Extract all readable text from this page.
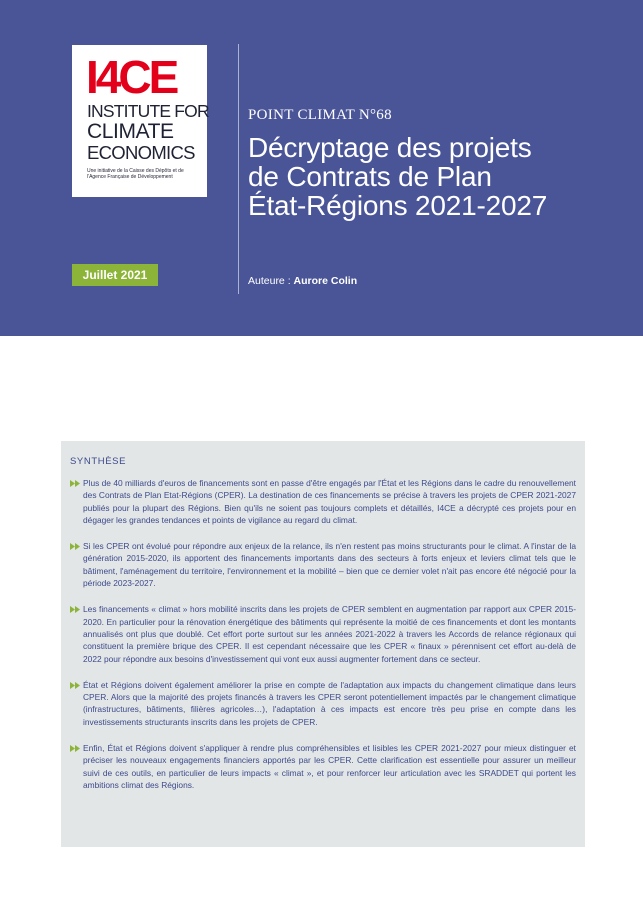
I4CE
INSTITUTE FOR
CLIMATE
ECONOMICS
Une initiative de la Caisse des Dépôts et de l'Agence Française de Développement
POINT CLIMAT N°68
Décryptage des projets
de Contrats de Plan
État-Régions 2021-2027
Juillet 2021	Auteure : Aurore Colin
SYNTHÈSE
Plus de 40 milliards d'euros de financements sont en passe d'être engagés par l'État et les Régions dans le cadre du renouvellement des Contrats de Plan Etat-Régions (CPER). La destination de ces financements se précise à travers les projets de CPER 2021-2027 publiés pour la plupart des Régions. Bien qu'ils ne soient pas toujours complets et détaillés, I4CE a décrypté ces projets pour en dégager les grandes tendances et points de vigilance au regard du climat.
Si les CPER ont évolué pour répondre aux enjeux de la relance, ils n'en restent pas moins structurants pour le climat. A l'instar de la génération 2015-2020, ils apportent des financements importants dans des secteurs à forts enjeux et leviers climat tels que le bâtiment, l'aménagement du territoire, l'environnement et la mobilité – bien que ce dernier volet n'ait pas encore été négocié pour la période 2023-2027.
Les financements « climat » hors mobilité inscrits dans les projets de CPER semblent en augmentation par rapport aux CPER 2015-2020. En particulier pour la rénovation énergétique des bâtiments qui représente la moitié de ces financements et dont les montants annualisés ont plus que doublé. Cet effort porte surtout sur les années 2021-2022 à travers les Accords de relance régionaux qui constituent la première brique des CPER. Il est cependant nécessaire que les CPER « finaux » pérennisent cet effort au-delà de 2022 pour répondre aux besoins d'investissement qui vont eux aussi augmenter fortement dans ce secteur.
État et Régions doivent également améliorer la prise en compte de l'adaptation aux impacts du changement climatique dans leurs CPER. Alors que la majorité des projets financés à travers les CPER seront potentiellement impactés par le changement climatique (infrastructures, bâtiments, filières agricoles…), l'adaptation à ces impacts est encore très peu prise en compte dans les investissements structurants inscrits dans les projets de CPER.
Enfin, État et Régions doivent s'appliquer à rendre plus compréhensibles et lisibles les CPER 2021-2027 pour mieux distinguer et préciser les nouveaux engagements financiers apportés par les CPER. Cette clarification est essentielle pour assurer un meilleur suivi de ces outils, en particulier de leurs impacts « climat », et pour renforcer leur articulation avec les SRADDET qui portent les ambitions climat des Régions.
